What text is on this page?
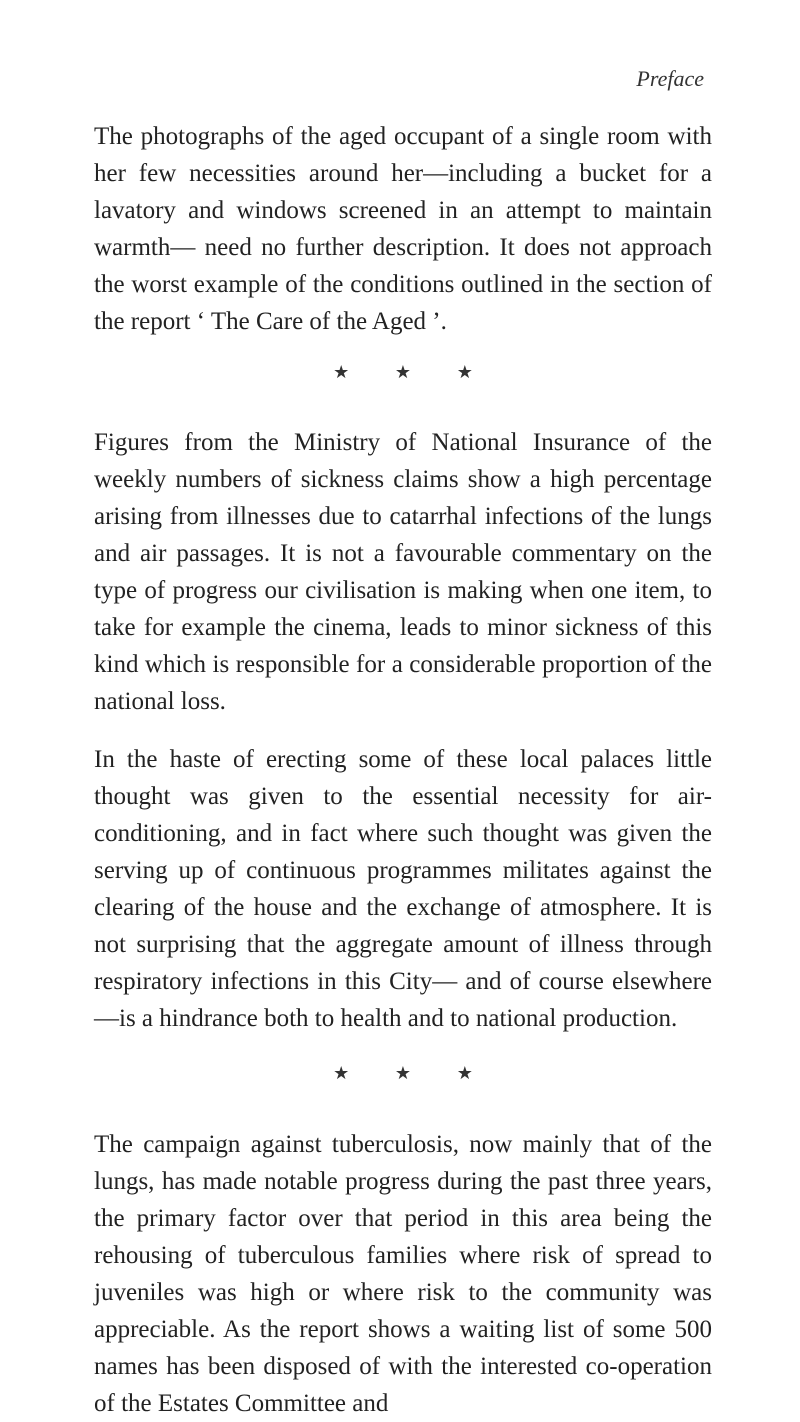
Preface

The photographs of the aged occupant of a single room with her few necessities around her—including a bucket for a lavatory and windows screened in an attempt to maintain warmth— need no further description. It does not approach the worst example of the conditions outlined in the section of the report ‘ The Care of the Aged ’.

★ ★ ★

Figures from the Ministry of National Insurance of the weekly numbers of sickness claims show a high percentage arising from illnesses due to catarrhal infections of the lungs and air passages. It is not a favourable commentary on the type of progress our civilisation is making when one item, to take for example the cinema, leads to minor sickness of this kind which is responsible for a considerable proportion of the national loss.

In the haste of erecting some of these local palaces little thought was given to the essential necessity for air-conditioning, and in fact where such thought was given the serving up of continuous programmes militates against the clearing of the house and the exchange of atmosphere. It is not surprising that the aggregate amount of illness through respiratory infections in this City— and of course elsewhere—is a hindrance both to health and to national production.

★ ★ ★

The campaign against tuberculosis, now mainly that of the lungs, has made notable progress during the past three years, the primary factor over that period in this area being the rehousing of tuberculous families where risk of spread to juveniles was high or where risk to the community was appreciable. As the report shows a waiting list of some 500 names has been disposed of with the interested co-operation of the Estates Committee and
